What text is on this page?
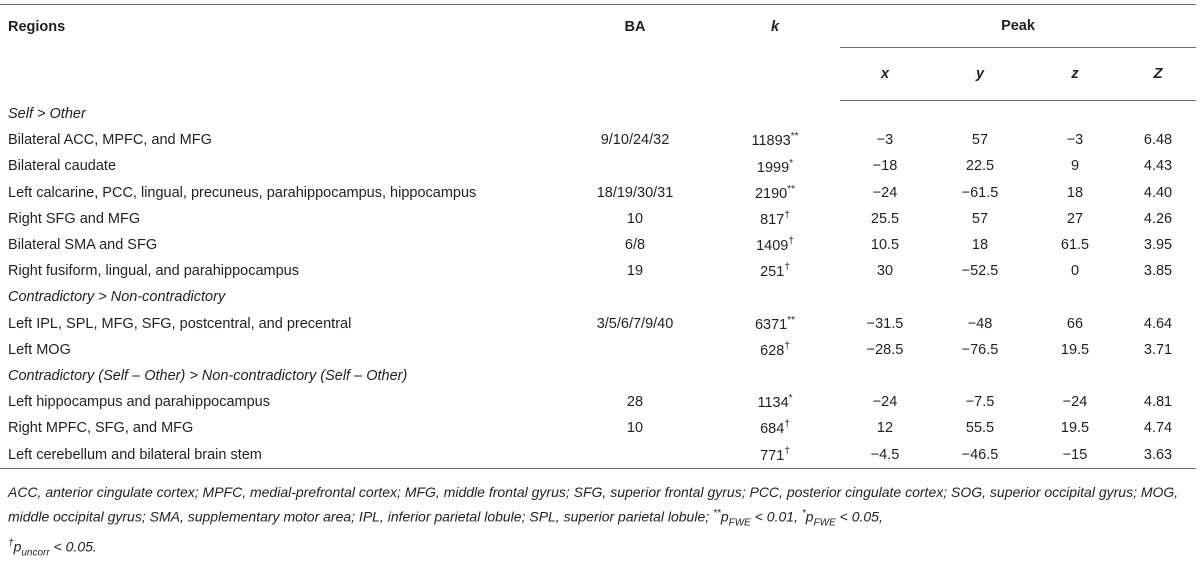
Regions	BA	k	Peak			
			x	y	z	Z
Self > Other						
Bilateral ACC, MPFC, and MFG	9/10/24/32	11893**	−3	57	−3	6.48
Bilateral caudate		1999*	−18	22.5	9	4.43
Left calcarine, PCC, lingual, precuneus, parahippocampus, hippocampus	18/19/30/31	2190**	−24	−61.5	18	4.40
Right SFG and MFG	10	817†	25.5	57	27	4.26
Bilateral SMA and SFG	6/8	1409†	10.5	18	61.5	3.95
Right fusiform, lingual, and parahippocampus	19	251†	30	−52.5	0	3.85
Contradictory > Non-contradictory						
Left IPL, SPL, MFG, SFG, postcentral, and precentral	3/5/6/7/9/40	6371**	−31.5	−48	66	4.64
Left MOG		628†	−28.5	−76.5	19.5	3.71
Contradictory (Self – Other) > Non-contradictory (Self – Other)						
Left hippocampus and parahippocampus	28	1134*	−24	−7.5	−24	4.81
Right MPFC, SFG, and MFG	10	684†	12	55.5	19.5	4.74
Left cerebellum and bilateral brain stem		771†	−4.5	−46.5	−15	3.63
ACC, anterior cingulate cortex; MPFC, medial-prefrontal cortex; MFG, middle frontal gyrus; SFG, superior frontal gyrus; PCC, posterior cingulate cortex; SOG, superior occipital gyrus; MOG, middle occipital gyrus; SMA, supplementary motor area; IPL, inferior parietal lobule; SPL, superior parietal lobule; $^{**}p_{FWE} < 0.01$, $^*p_{FWE} < 0.05$,
$^\dagger p_{uncorr} < 0.05$.
